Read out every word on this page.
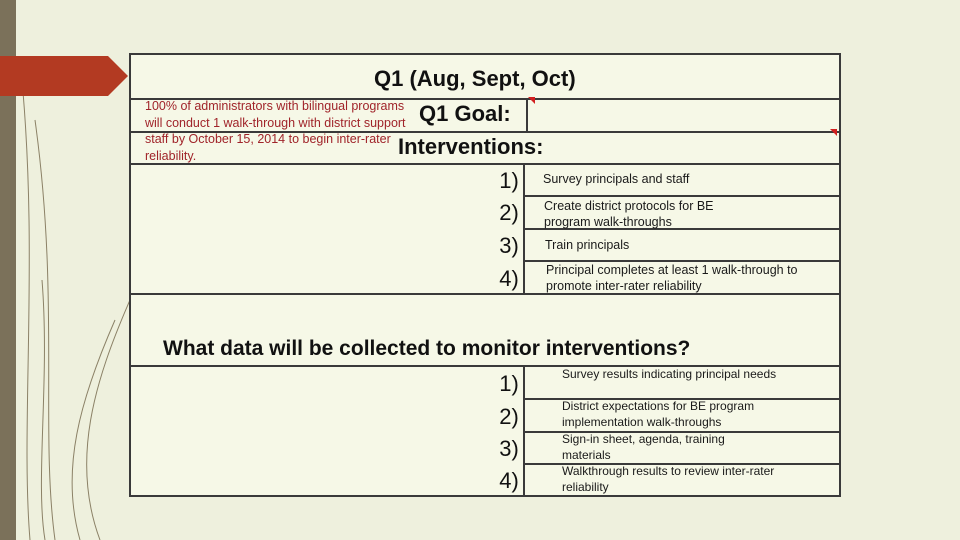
Q1 (Aug, Sept, Oct)
Q1 Goal:
Interventions:
What data will be collected to monitor interventions?
100% of administrators with bilingual programs will conduct 1 walk-through with district support staff by October 15, 2014 to begin inter-rater reliability.
1)
2)
3)
4)
Survey principals and staff
Create district protocols for BE program walk-throughs
Train principals
Principal completes at least 1 walk-through to promote inter-rater reliability
1)
2)
3)
4)
Survey results indicating principal needs
District expectations for BE program implementation walk-throughs
Sign-in sheet, agenda, training materials
Walkthrough results to review inter-rater reliability
